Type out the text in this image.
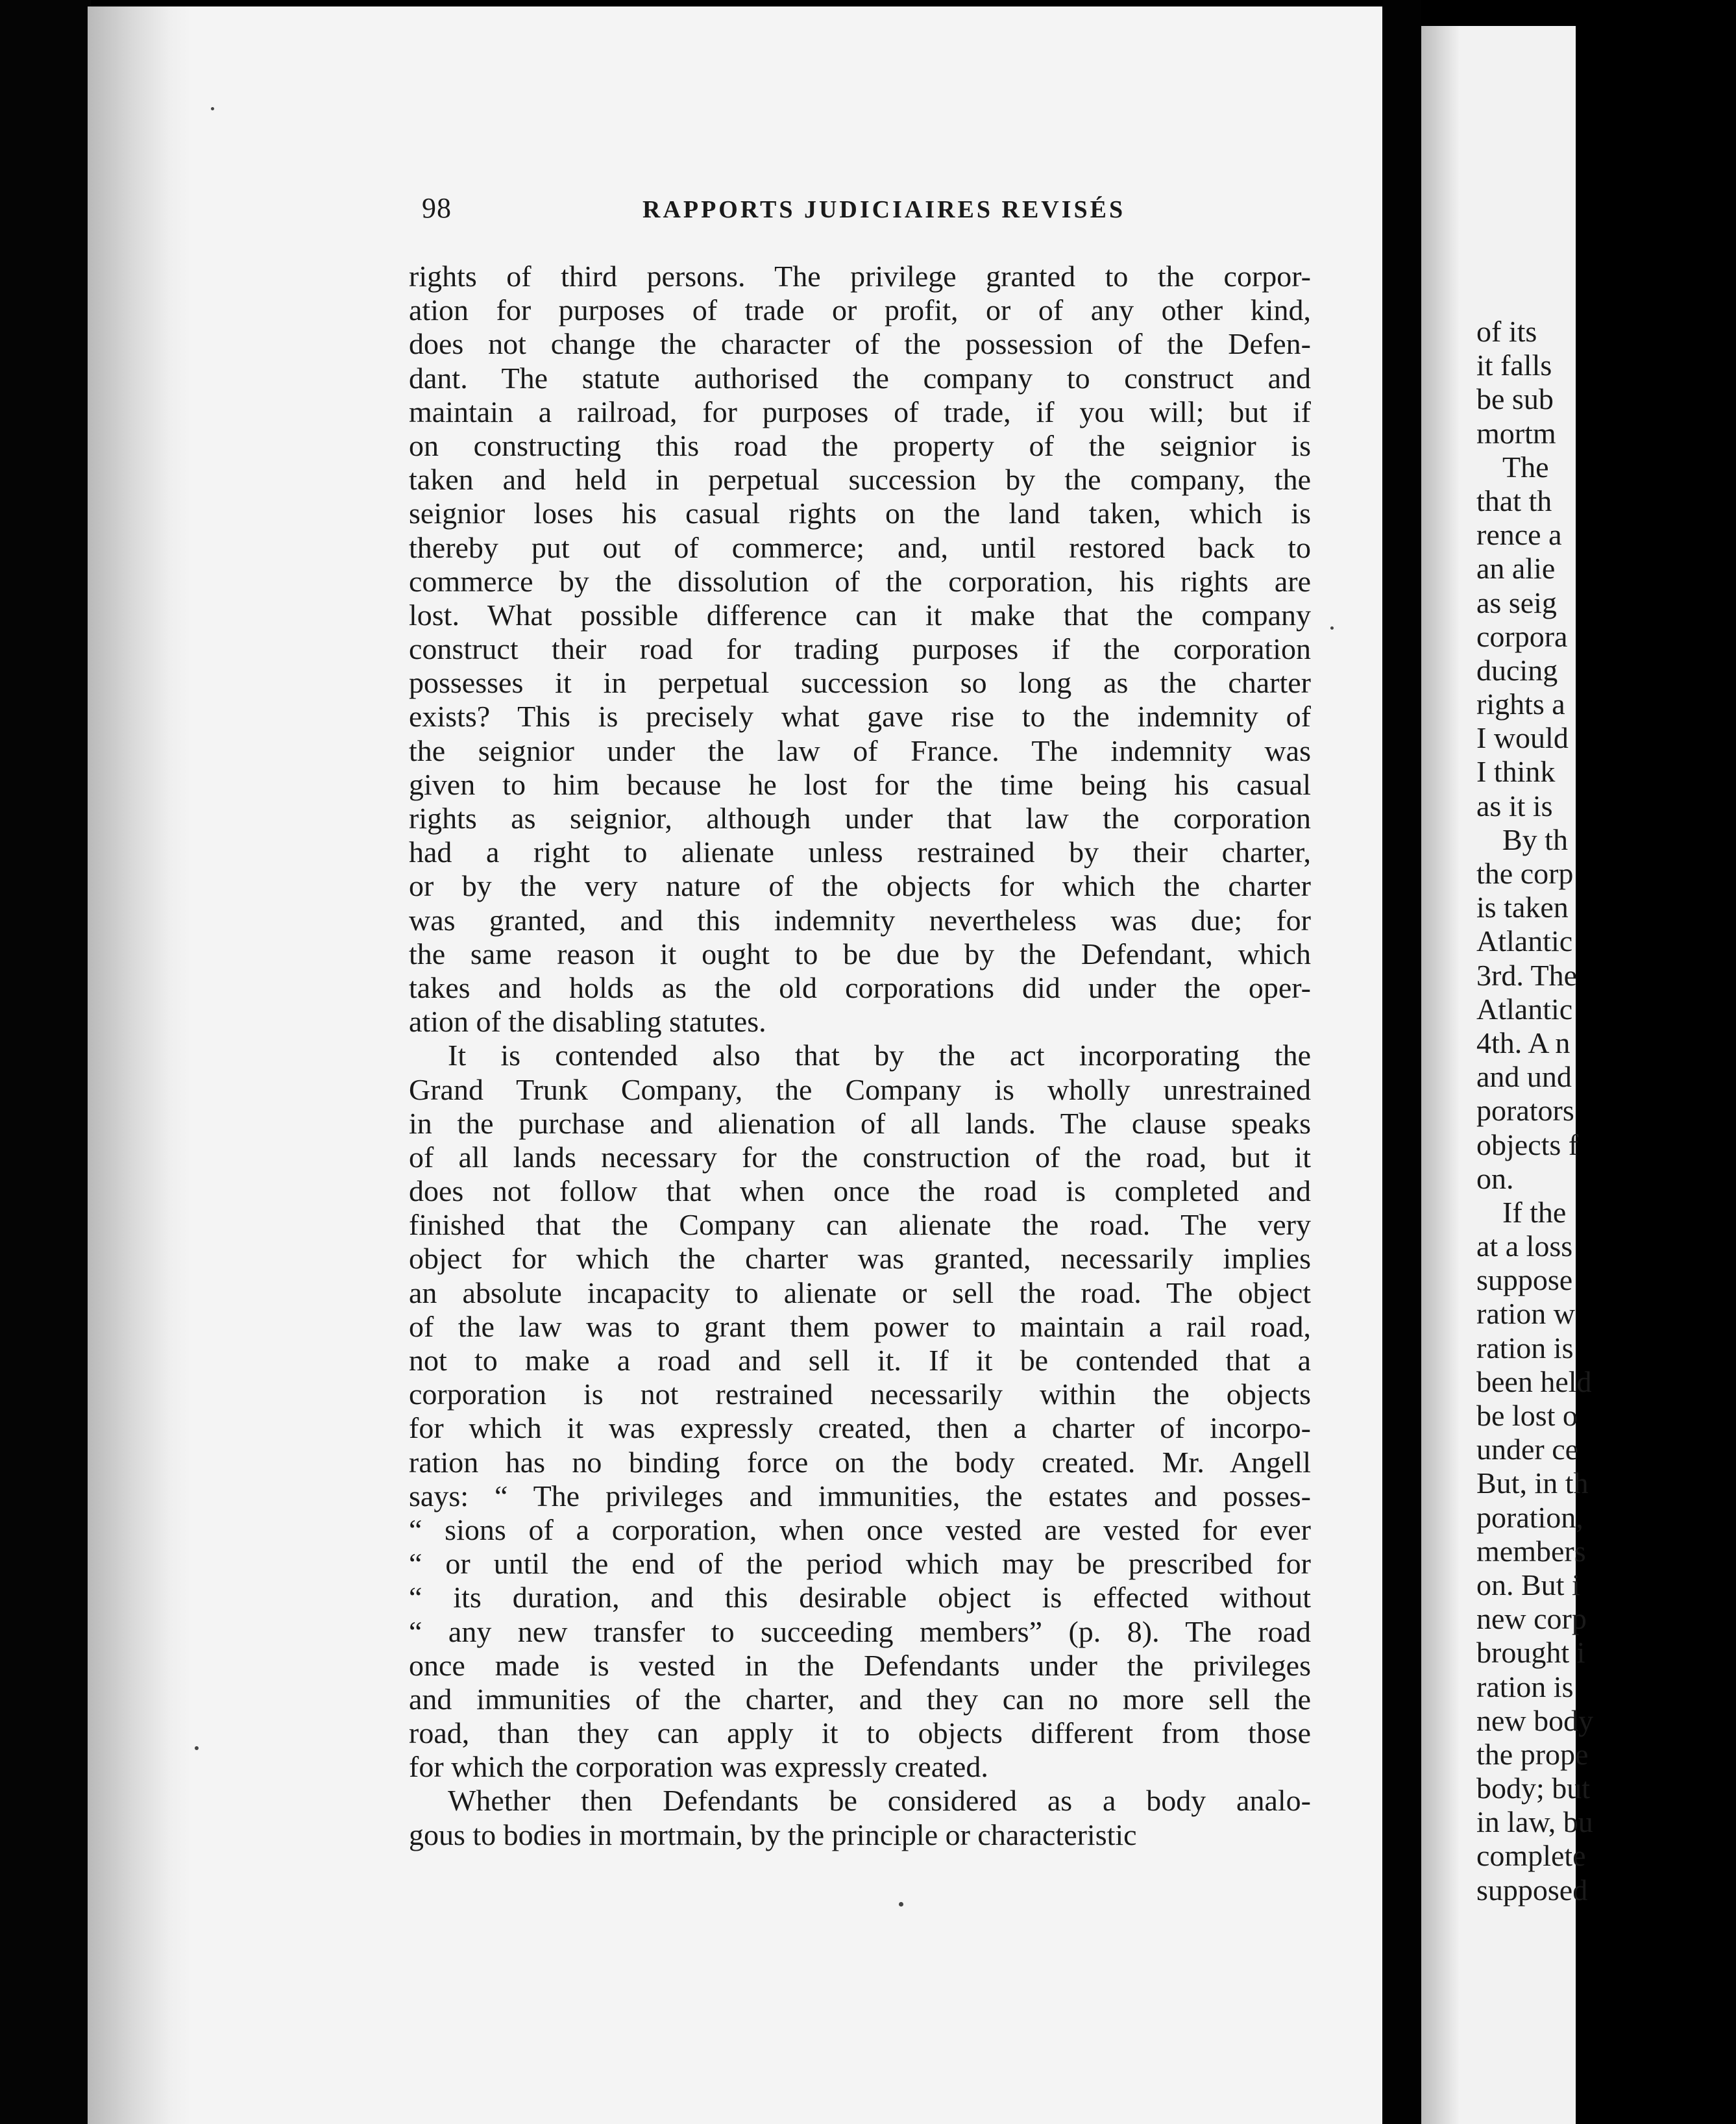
of its
it falls
be sub
mortm
The
that th
rence a
an alie
as seig
corpora
ducing
rights a
I would
I think
as it is
By th
the corp
is taken
Atlantic
3rd. The
Atlantic
4th. A n
and und
porators
objects f
on.
If the
at a loss
suppose
ration w
ration is
been held
be lost o
under ce
But, in th
poration,
members
on. But i
new corp
brought i
ration is
new body
the prope
body; but
in law, bu
complete
supposed
98	RAPPORTS JUDICIAIRES REVISÉS
rights of third persons. The privilege granted to the corpor-
ation for purposes of trade or profit, or of any other kind,
does not change the character of the possession of the Defen-
dant. The statute authorised the company to construct and
maintain a railroad, for purposes of trade, if you will; but if
on constructing this road the property of the seignior is
taken and held in perpetual succession by the company, the
seignior loses his casual rights on the land taken, which is
thereby put out of commerce; and, until restored back to
commerce by the dissolution of the corporation, his rights are
lost. What possible difference can it make that the company
construct their road for trading purposes if the corporation
possesses it in perpetual succession so long as the charter
exists? This is precisely what gave rise to the indemnity of
the seignior under the law of France. The indemnity was
given to him because he lost for the time being his casual
rights as seignior, although under that law the corporation
had a right to alienate unless restrained by their charter,
or by the very nature of the objects for which the charter
was granted, and this indemnity nevertheless was due; for
the same reason it ought to be due by the Defendant, which
takes and holds as the old corporations did under the oper-
ation of the disabling statutes.
It is contended also that by the act incorporating the
Grand Trunk Company, the Company is wholly unrestrained
in the purchase and alienation of all lands. The clause speaks
of all lands necessary for the construction of the road, but it
does not follow that when once the road is completed and
finished that the Company can alienate the road. The very
object for which the charter was granted, necessarily implies
an absolute incapacity to alienate or sell the road. The object
of the law was to grant them power to maintain a rail road,
not to make a road and sell it. If it be contended that a
corporation is not restrained necessarily within the objects
for which it was expressly created, then a charter of incorpo-
ration has no binding force on the body created. Mr. Angell
says: “ The privileges and immunities, the estates and posses-
“ sions of a corporation, when once vested are vested for ever
“ or until the end of the period which may be prescribed for
“ its duration, and this desirable object is effected without
“ any new transfer to succeeding members” (p. 8). The road
once made is vested in the Defendants under the privileges
and immunities of the charter, and they can no more sell the
road, than they can apply it to objects different from those
for which the corporation was expressly created.
Whether then Defendants be considered as a body analo-
gous to bodies in mortmain, by the principle or characteristic
